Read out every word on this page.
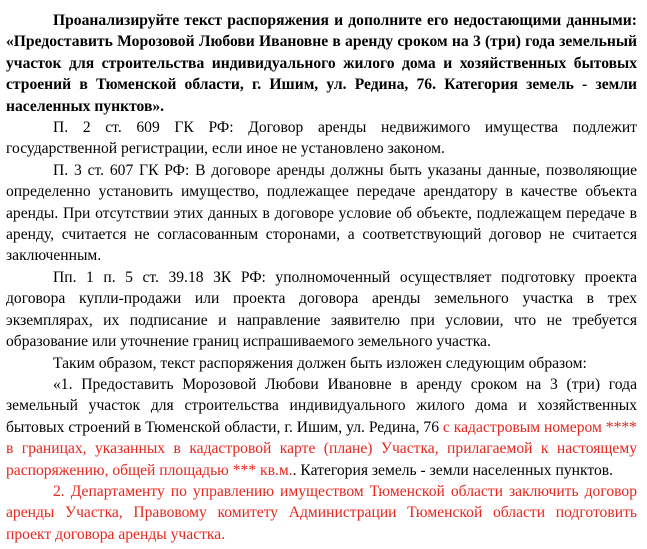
Проанализируйте текст распоряжения и дополните его недостающими данными: «Предоставить Морозовой Любови Ивановне в аренду сроком на 3 (три) года земельный участок для строительства индивидуального жилого дома и хозяйственных бытовых строений в Тюменской области, г. Ишим, ул. Редина, 76. Категория земель - земли населенных пунктов».

П. 2 ст. 609 ГК РФ: Договор аренды недвижимого имущества подлежит государственной регистрации, если иное не установлено законом.

П. 3 ст. 607 ГК РФ: В договоре аренды должны быть указаны данные, позволяющие определенно установить имущество, подлежащее передаче арендатору в качестве объекта аренды. При отсутствии этих данных в договоре условие об объекте, подлежащем передаче в аренду, считается не согласованным сторонами, а соответствующий договор не считается заключенным.

Пп. 1 п. 5 ст. 39.18 ЗК РФ: уполномоченный осуществляет подготовку проекта договора купли-продажи или проекта договора аренды земельного участка в трех экземплярах, их подписание и направление заявителю при условии, что не требуется образование или уточнение границ испрашиваемого земельного участка.

Таким образом, текст распоряжения должен быть изложен следующим образом:

«1. Предоставить Морозовой Любови Ивановне в аренду сроком на 3 (три) года земельный участок для строительства индивидуального жилого дома и хозяйственных бытовых строений в Тюменской области, г. Ишим, ул. Редина, 76 с кадастровым номером **** в границах, указанных в кадастровой карте (плане) Участка, прилагаемой к настоящему распоряжению, общей площадью *** кв.м.. Категория земель - земли населенных пунктов.

2. Департаменту по управлению имуществом Тюменской области заключить договор аренды Участка, Правовому комитету Администрации Тюменской области подготовить проект договора аренды участка.
